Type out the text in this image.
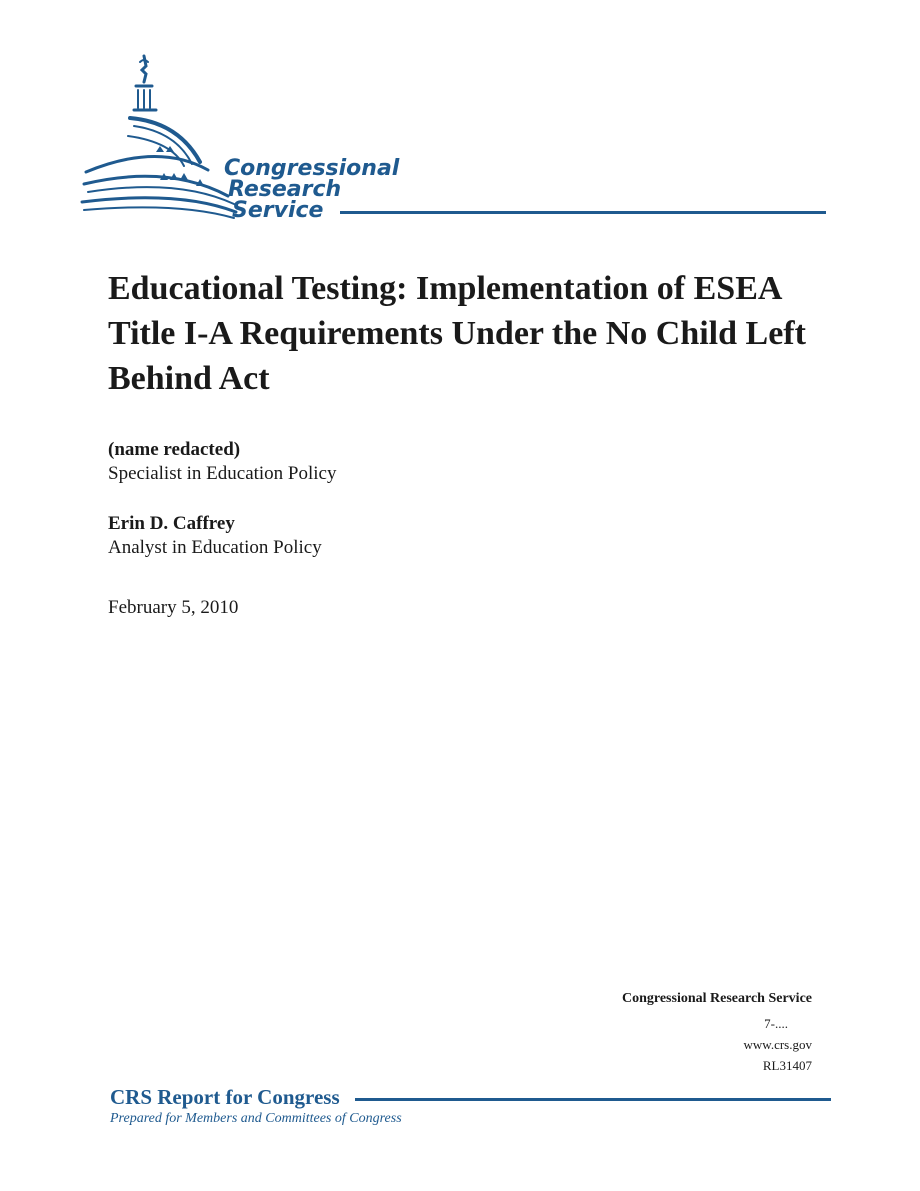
Congressional
Research
Service
Educational Testing: Implementation of ESEA Title I-A Requirements Under the No Child Left Behind Act
(name redacted)
Specialist in Education Policy
Erin D. Caffrey
Analyst in Education Policy
February 5, 2010
Congressional Research Service
7-....
www.crs.gov
RL31407
CRS Report for Congress
Prepared for Members and Committees of Congress
